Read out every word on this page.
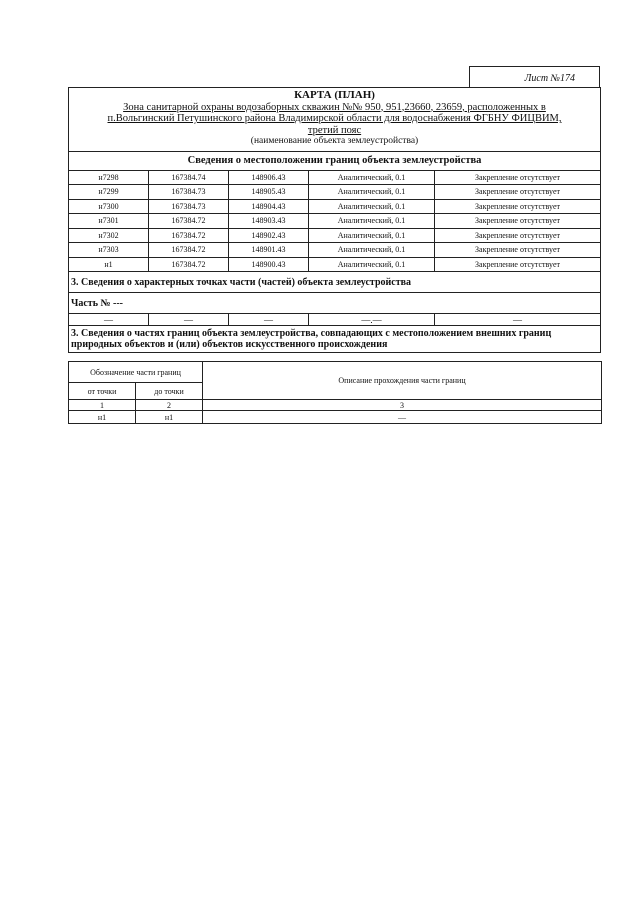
Лист №174
КАРТА (ПЛАН)
Зона санитарной охраны водозаборных скважин №№ 950, 951,23660, 23659, расположенных в
п.Вольгинский Петушинского района Владимирской области для водоснабжения ФГБНУ ФИЦВИМ,
третий пояс
(наименование объекта землеустройства)				

Сведения о местоположении границ объекта землеустройства				
н7298	167384.74	148906.43	Аналитический, 0.1	Закрепление отсутствует
н7299	167384.73	148905.43	Аналитический, 0.1	Закрепление отсутствует
н7300	167384.73	148904.43	Аналитический, 0.1	Закрепление отсутствует
н7301	167384.72	148903.43	Аналитический, 0.1	Закрепление отсутствует
н7302	167384.72	148902.43	Аналитический, 0.1	Закрепление отсутствует
н7303	167384.72	148901.43	Аналитический, 0.1	Закрепление отсутствует
н1	167384.72	148900.43	Аналитический, 0.1	Закрепление отсутствует
3. Сведения о характерных точках части (частей) объекта землеустройства				
Часть № ---				
—	—	—	—.—	—
3. Сведения о частях границ объекта землеустройства, совпадающих с местоположением внешних границ природных объектов и (или) объектов искусственного происхождения				
Обозначение части границ		Описание прохождения части границ
от точки	до точки	
1	2	3
н1	н1	—
